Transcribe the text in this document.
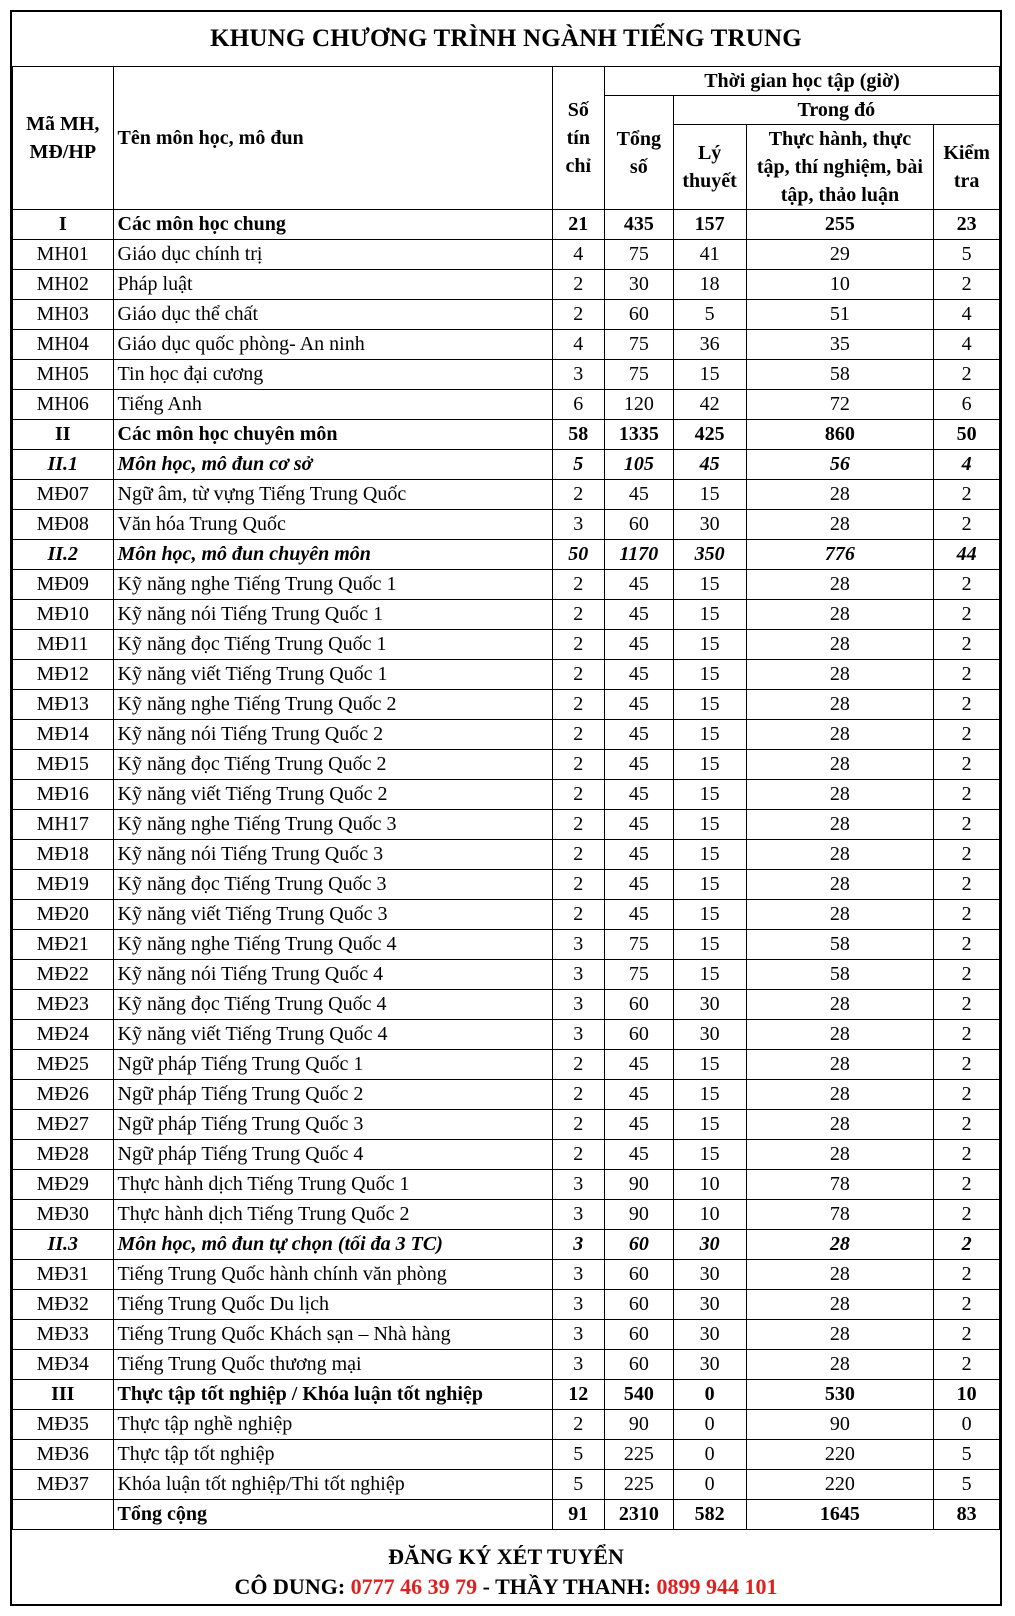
KHUNG CHƯƠNG TRÌNH NGÀNH TIẾNG TRUNG
Mã MH, MĐ/HP	Tên môn học, mô đun	Số tín chỉ	Thời gian học tập (giờ)			
			Tổng số	Trong đó		
				Lý thuyết	Thực hành, thực tập, thí nghiệm, bài tập, thảo luận	Kiểm tra
I	Các môn học chung	21	435	157	255	23
MH01	Giáo dục chính trị	4	75	41	29	5
MH02	Pháp luật	2	30	18	10	2
MH03	Giáo dục thể chất	2	60	5	51	4
MH04	Giáo dục quốc phòng- An ninh	4	75	36	35	4
MH05	Tin học đại cương	3	75	15	58	2
MH06	Tiếng Anh	6	120	42	72	6
II	Các môn học chuyên môn	58	1335	425	860	50
II.1	Môn học, mô đun cơ sở	5	105	45	56	4
MĐ07	Ngữ âm, từ vựng Tiếng Trung Quốc	2	45	15	28	2
MĐ08	Văn hóa Trung Quốc	3	60	30	28	2
II.2	Môn học, mô đun chuyên môn	50	1170	350	776	44
MĐ09	Kỹ năng nghe Tiếng Trung Quốc 1	2	45	15	28	2
MĐ10	Kỹ năng nói Tiếng Trung Quốc 1	2	45	15	28	2
MĐ11	Kỹ năng đọc Tiếng Trung Quốc 1	2	45	15	28	2
MĐ12	Kỹ năng viết Tiếng Trung Quốc 1	2	45	15	28	2
MĐ13	Kỹ năng nghe Tiếng Trung Quốc 2	2	45	15	28	2
MĐ14	Kỹ năng nói Tiếng Trung Quốc 2	2	45	15	28	2
MĐ15	Kỹ năng đọc Tiếng Trung Quốc 2	2	45	15	28	2
MĐ16	Kỹ năng viết Tiếng Trung Quốc 2	2	45	15	28	2
MH17	Kỹ năng nghe Tiếng Trung Quốc 3	2	45	15	28	2
MĐ18	Kỹ năng nói Tiếng Trung Quốc 3	2	45	15	28	2
MĐ19	Kỹ năng đọc Tiếng Trung Quốc 3	2	45	15	28	2
MĐ20	Kỹ năng viết Tiếng Trung Quốc 3	2	45	15	28	2
MĐ21	Kỹ năng nghe Tiếng Trung Quốc 4	3	75	15	58	2
MĐ22	Kỹ năng nói Tiếng Trung Quốc 4	3	75	15	58	2
MĐ23	Kỹ năng đọc Tiếng Trung Quốc 4	3	60	30	28	2
MĐ24	Kỹ năng viết Tiếng Trung Quốc 4	3	60	30	28	2
MĐ25	Ngữ pháp Tiếng Trung Quốc 1	2	45	15	28	2
MĐ26	Ngữ pháp Tiếng Trung Quốc 2	2	45	15	28	2
MĐ27	Ngữ pháp Tiếng Trung Quốc 3	2	45	15	28	2
MĐ28	Ngữ pháp Tiếng Trung Quốc 4	2	45	15	28	2
MĐ29	Thực hành dịch Tiếng Trung Quốc 1	3	90	10	78	2
MĐ30	Thực hành dịch Tiếng Trung Quốc 2	3	90	10	78	2
II.3	Môn học, mô đun tự chọn (tối đa 3 TC)	3	60	30	28	2
MĐ31	Tiếng Trung Quốc hành chính văn phòng	3	60	30	28	2
MĐ32	Tiếng Trung Quốc Du lịch	3	60	30	28	2
MĐ33	Tiếng Trung Quốc Khách sạn – Nhà hàng	3	60	30	28	2
MĐ34	Tiếng Trung Quốc thương mại	3	60	30	28	2
III	Thực tập tốt nghiệp / Khóa luận tốt nghiệp	12	540	0	530	10
MĐ35	Thực tập nghề nghiệp	2	90	0	90	0
MĐ36	Thực tập tốt nghiệp	5	225	0	220	5
MĐ37	Khóa luận tốt nghiệp/Thi tốt nghiệp	5	225	0	220	5
	Tổng cộng	91	2310	582	1645	83
ĐĂNG KÝ XÉT TUYỂN
CÔ DUNG: 0777 46 39 79 - THẦY THANH: 0899 944 101
